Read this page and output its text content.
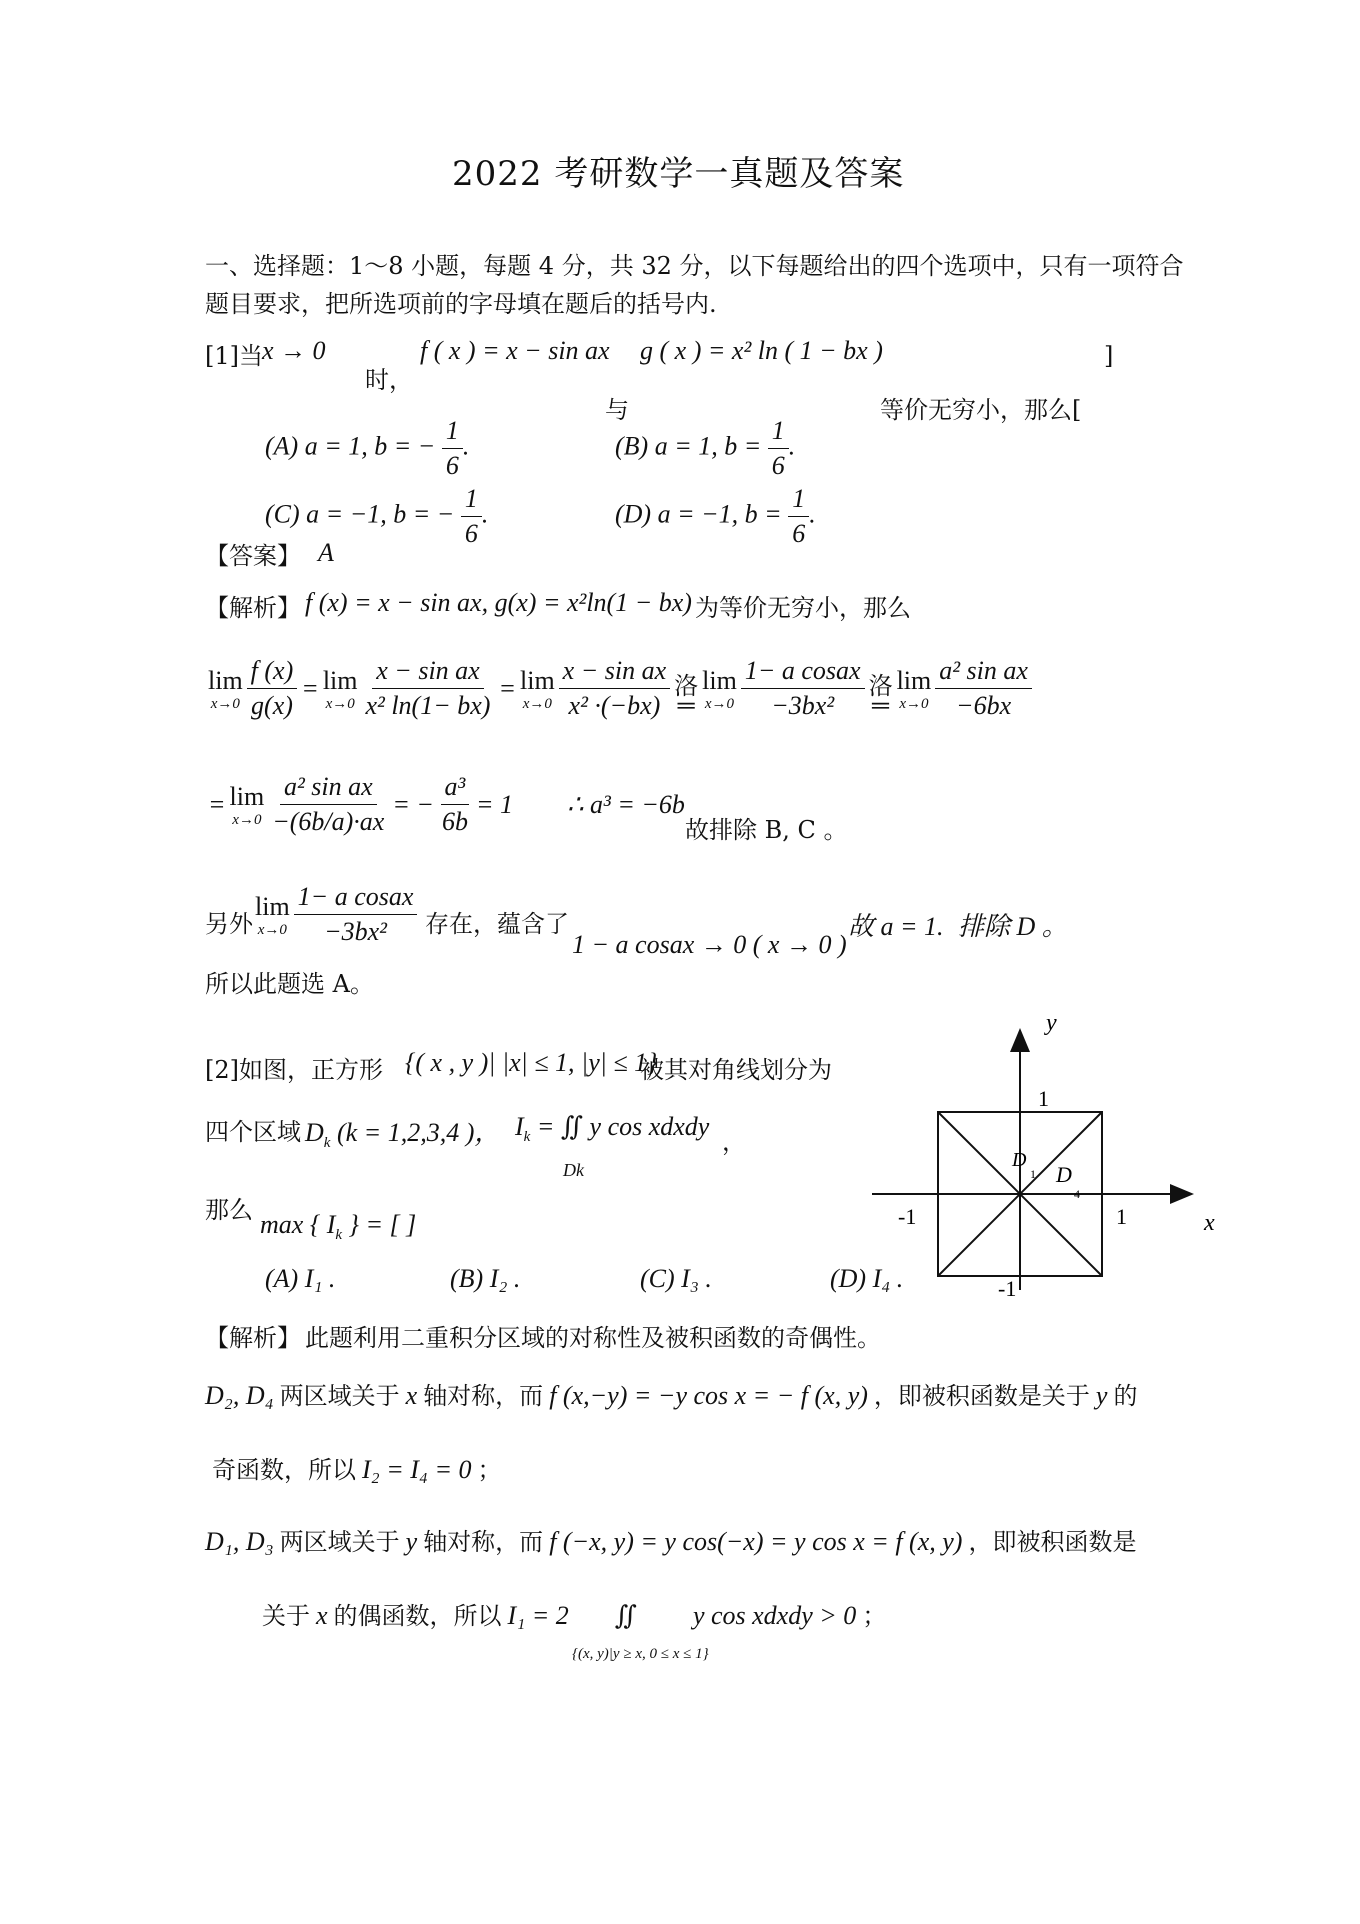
2022 考研数学一真题及答案
一、选择题：1～8 小题，每题 4 分，共 32 分，以下每题给出的四个选项中，只有一项符合
题目要求，把所选项前的字母填在题后的括号内.
[1]当 x → 0
时，
f ( x ) = x − sin ax
与
g ( x ) = x² ln ( 1 − bx )
等价无穷小，那么[
]
(A) a = 1, b = − $\frac{1}{6}$ .	(B) a = 1, $b = \frac{1}{6}$ .
(C) a = −1, b = − $\frac{1}{6}$ .	(D) a = −1, $b = \frac{1}{6}$ .
【答案】 A
【解析】 f (x) = x − sin ax, g(x) = x²ln(1 − bx) 为等价无穷小，那么
lim
$x\to 0 \frac{f (x)}{g(x)} = \lim$
$x\to 0 \frac{\text{x − sin ax}}{\text{x² ln(1− bx)}} = \lim$
$x\to 0 \frac{\text{x − sin ax}}{\text{x² ·(−bx)}}$ 洛
═
lim
$x\to 0 \frac{\text{1− a cosax}}{\text{−3bx²}}$ 洛
═
lim
$x\to 0 \frac{\text{a² sin ax}}{-6bx}$
= lim
$x\to 0 \frac{\text{a² sin ax}}{-(6b/a)\cdot ax}$ = − $\frac{\text{a³}}{6b} = 1$ ∴ a³ = −6b
故排除 B, C 。
另外
lim
$x\to 0 \frac{\text{1− a cosax}}{\text{−3bx²}}$ 存在，蕴含了
1 − a cosax → 0 ( x → 0 )
故 a = 1. 排除 D 。
所以此题选 A。
[2]如图，正方形 {( x , y )| |x| ≤ 1, |y| ≤ 1}
被其对角线划分为
四个区域 $D_k$ (k = 1,2,3,4 )， $I_k$ = ∬ y cos xdxdy
Dk
，
那么 max { $I_k$ } = [ ]
(A) I₁ .	(B) I₂ .	(C) I₃ .	(D) I₄ .
y
x
1
-1
1
-1
D
1 D
4
【解析】 此题利用二重积分区域的对称性及被积函数的奇偶性。
D₂, D₄ 两区域关于 x 轴对称，而 f (x,−y) = −y cos x = − f (x, y) ，即被积函数是关于 y 的
奇函数，所以 I₂ = I₄ = 0 ；
D₁, D₃ 两区域关于 y 轴对称，而 f (−x, y) = y cos(−x) = y cos x = f (x, y) ，即被积函数是
关于 x 的偶函数，所以 I₁ = 2 ∬ y cos xdxdy > 0 ；
{(x, y)|y ≥ x, 0 ≤ x ≤ 1}
